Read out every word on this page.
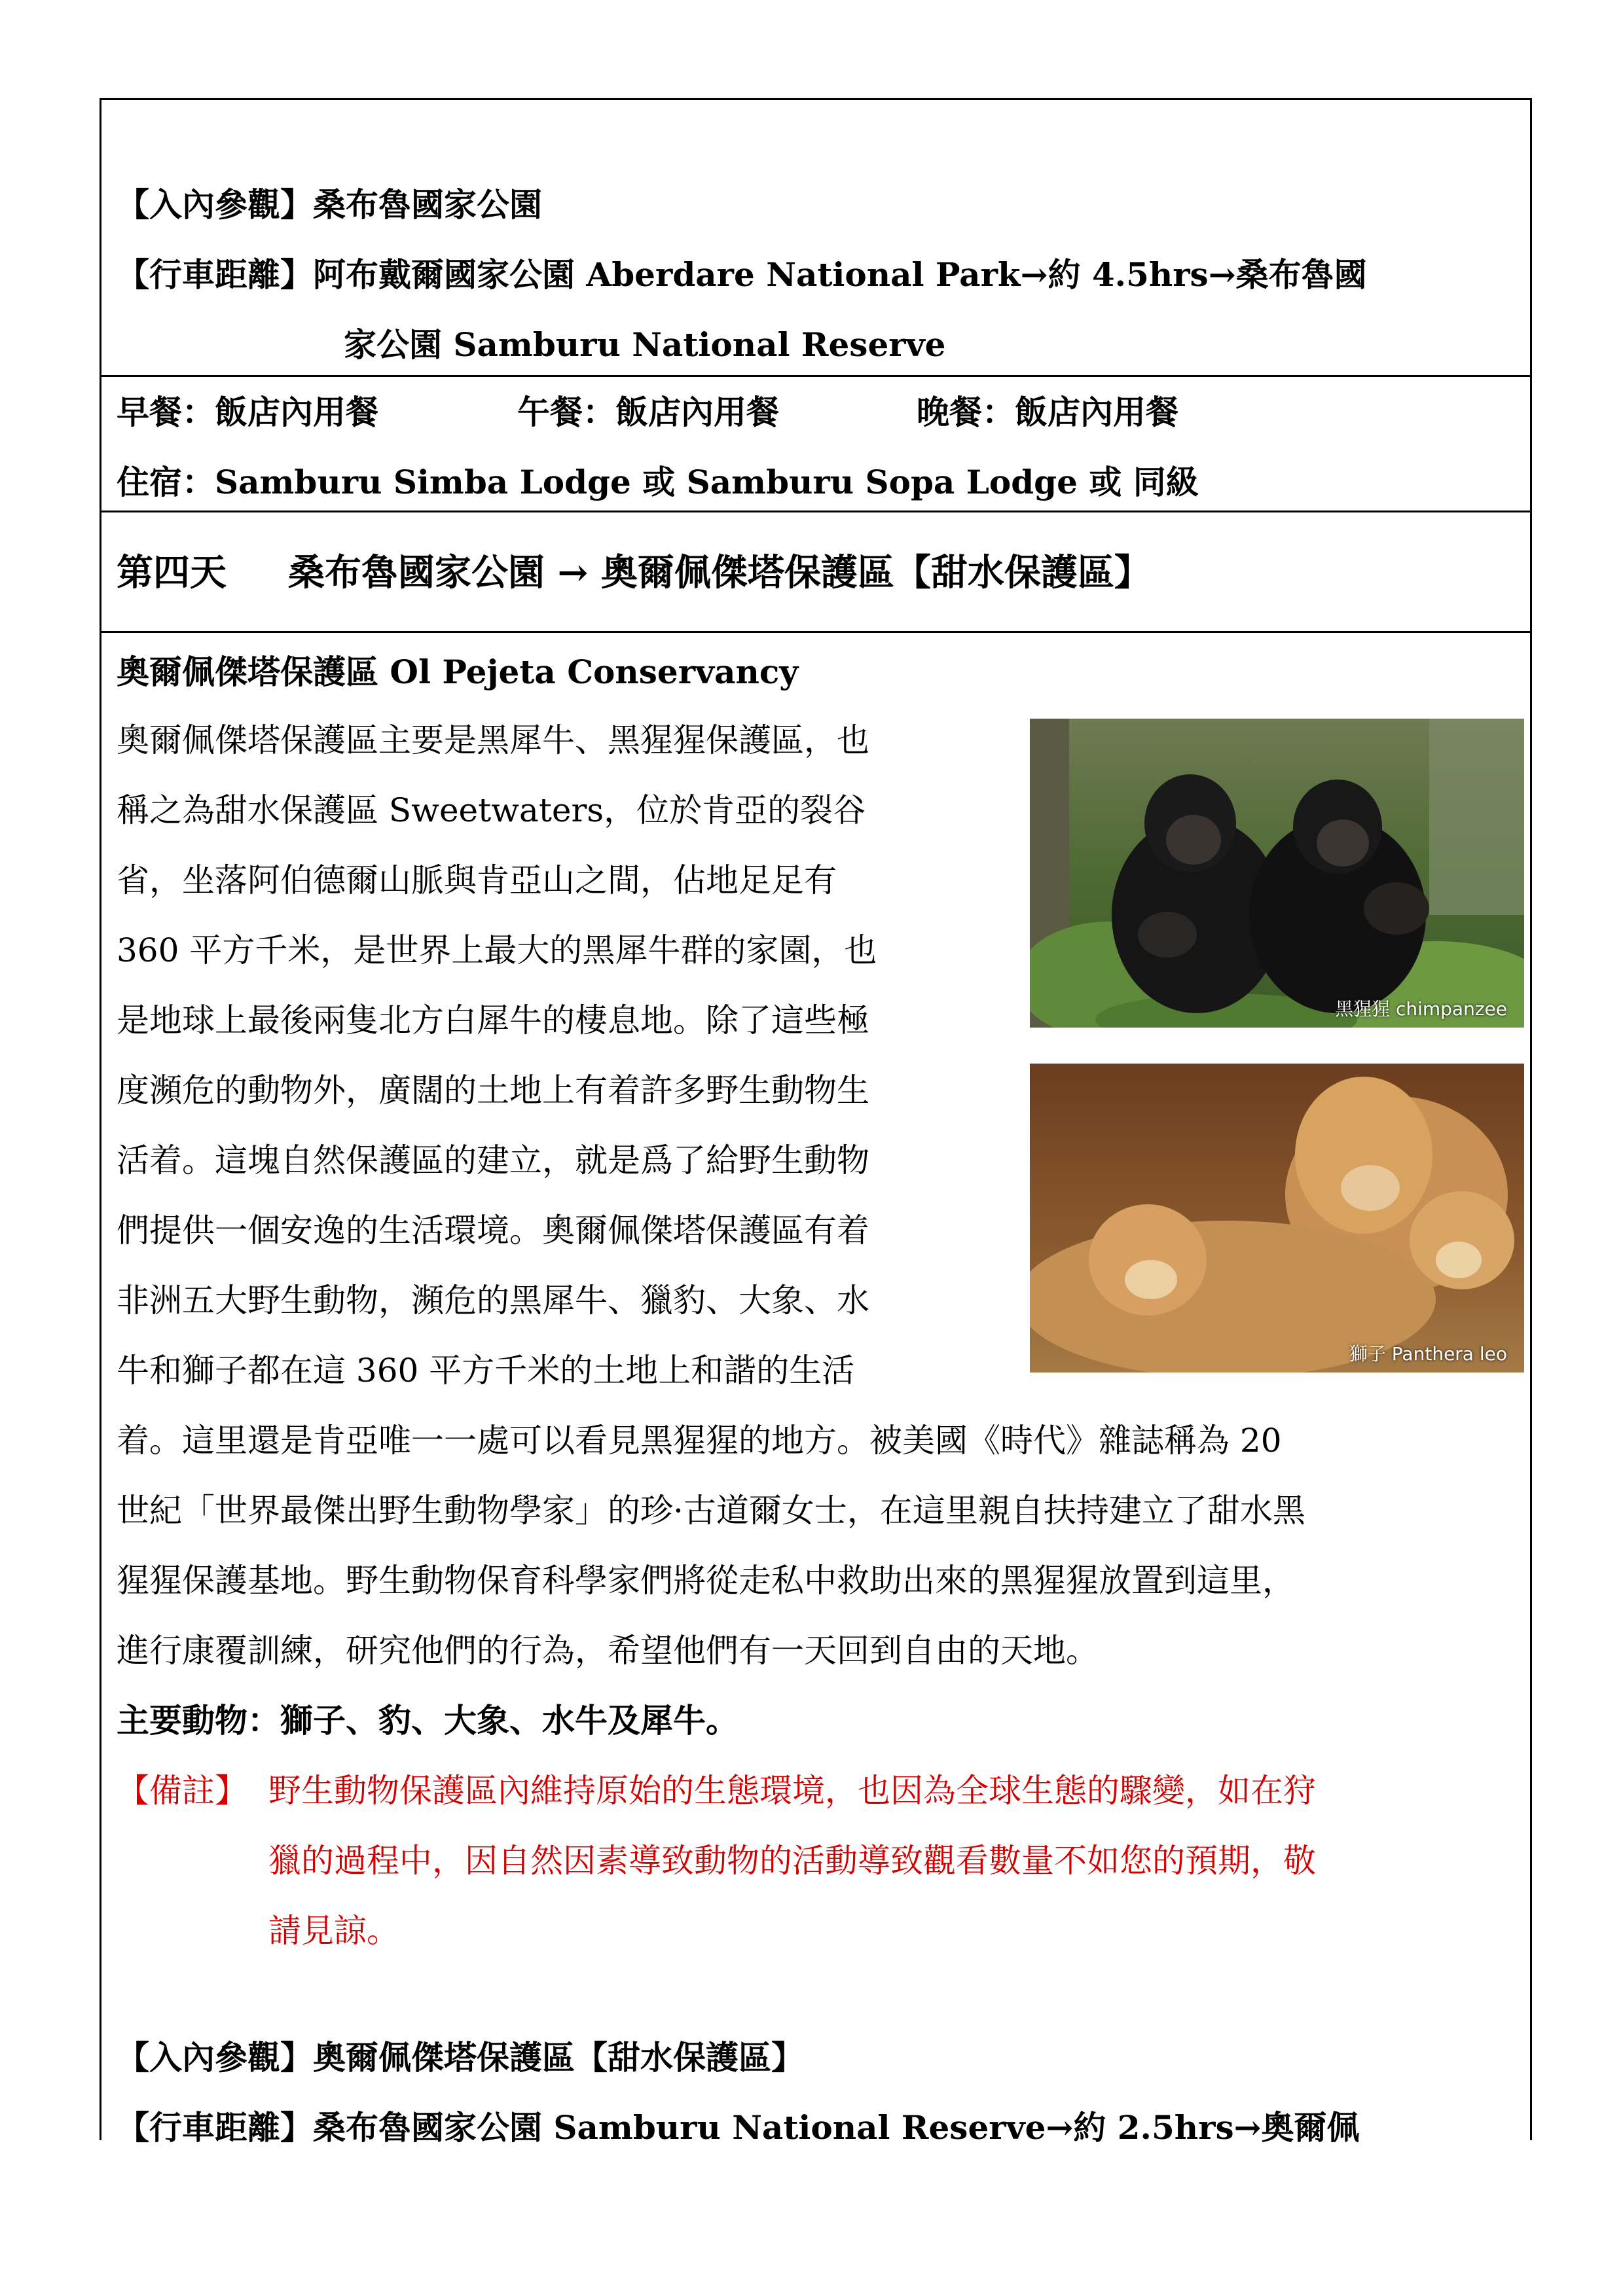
【入內參觀】桑布魯國家公園
【行車距離】阿布戴爾國家公園 Aberdare National Park→約 4.5hrs→桑布魯國
家公園 Samburu National Reserve
早餐：飯店內用餐	午餐：飯店內用餐	晚餐：飯店內用餐
住宿：Samburu Simba Lodge 或 Samburu Sopa Lodge 或 同級
第四天 桑布魯國家公園 → 奧爾佩傑塔保護區【甜水保護區】
奧爾佩傑塔保護區 Ol Pejeta Conservancy
奧爾佩傑塔保護區主要是黑犀牛、黑猩猩保護區，也
稱之為甜水保護區 Sweetwaters，位於肯亞的裂谷
省，坐落阿伯德爾山脈與肯亞山之間，佔地足足有
360 平方千米，是世界上最大的黑犀牛群的家園，也
是地球上最後兩隻北方白犀牛的棲息地。除了這些極
度瀕危的動物外，廣闊的土地上有着許多野生動物生
活着。這塊自然保護區的建立，就是爲了給野生動物
們提供一個安逸的生活環境。奧爾佩傑塔保護區有着
非洲五大野生動物，瀕危的黑犀牛、獵豹、大象、水
牛和獅子都在這 360 平方千米的土地上和諧的生活
着。這里還是肯亞唯一一處可以看見黑猩猩的地方。被美國《時代》雜誌稱為 20
世紀「世界最傑出野生動物學家」的珍·古道爾女士，在這里親自扶持建立了甜水黑
猩猩保護基地。野生動物保育科學家們將從走私中救助出來的黑猩猩放置到這里，
進行康覆訓練，研究他們的行為，希望他們有一天回到自由的天地。
主要動物：獅子、豹、大象、水牛及犀牛。
【備註】 野生動物保護區內維持原始的生態環境，也因為全球生態的驟變，如在狩
獵的過程中，因自然因素導致動物的活動導致觀看數量不如您的預期，敬
請見諒。
【入內參觀】奧爾佩傑塔保護區【甜水保護區】
【行車距離】桑布魯國家公園 Samburu National Reserve→約 2.5hrs→奧爾佩
黑猩猩 chimpanzee
獅子 Panthera leo
